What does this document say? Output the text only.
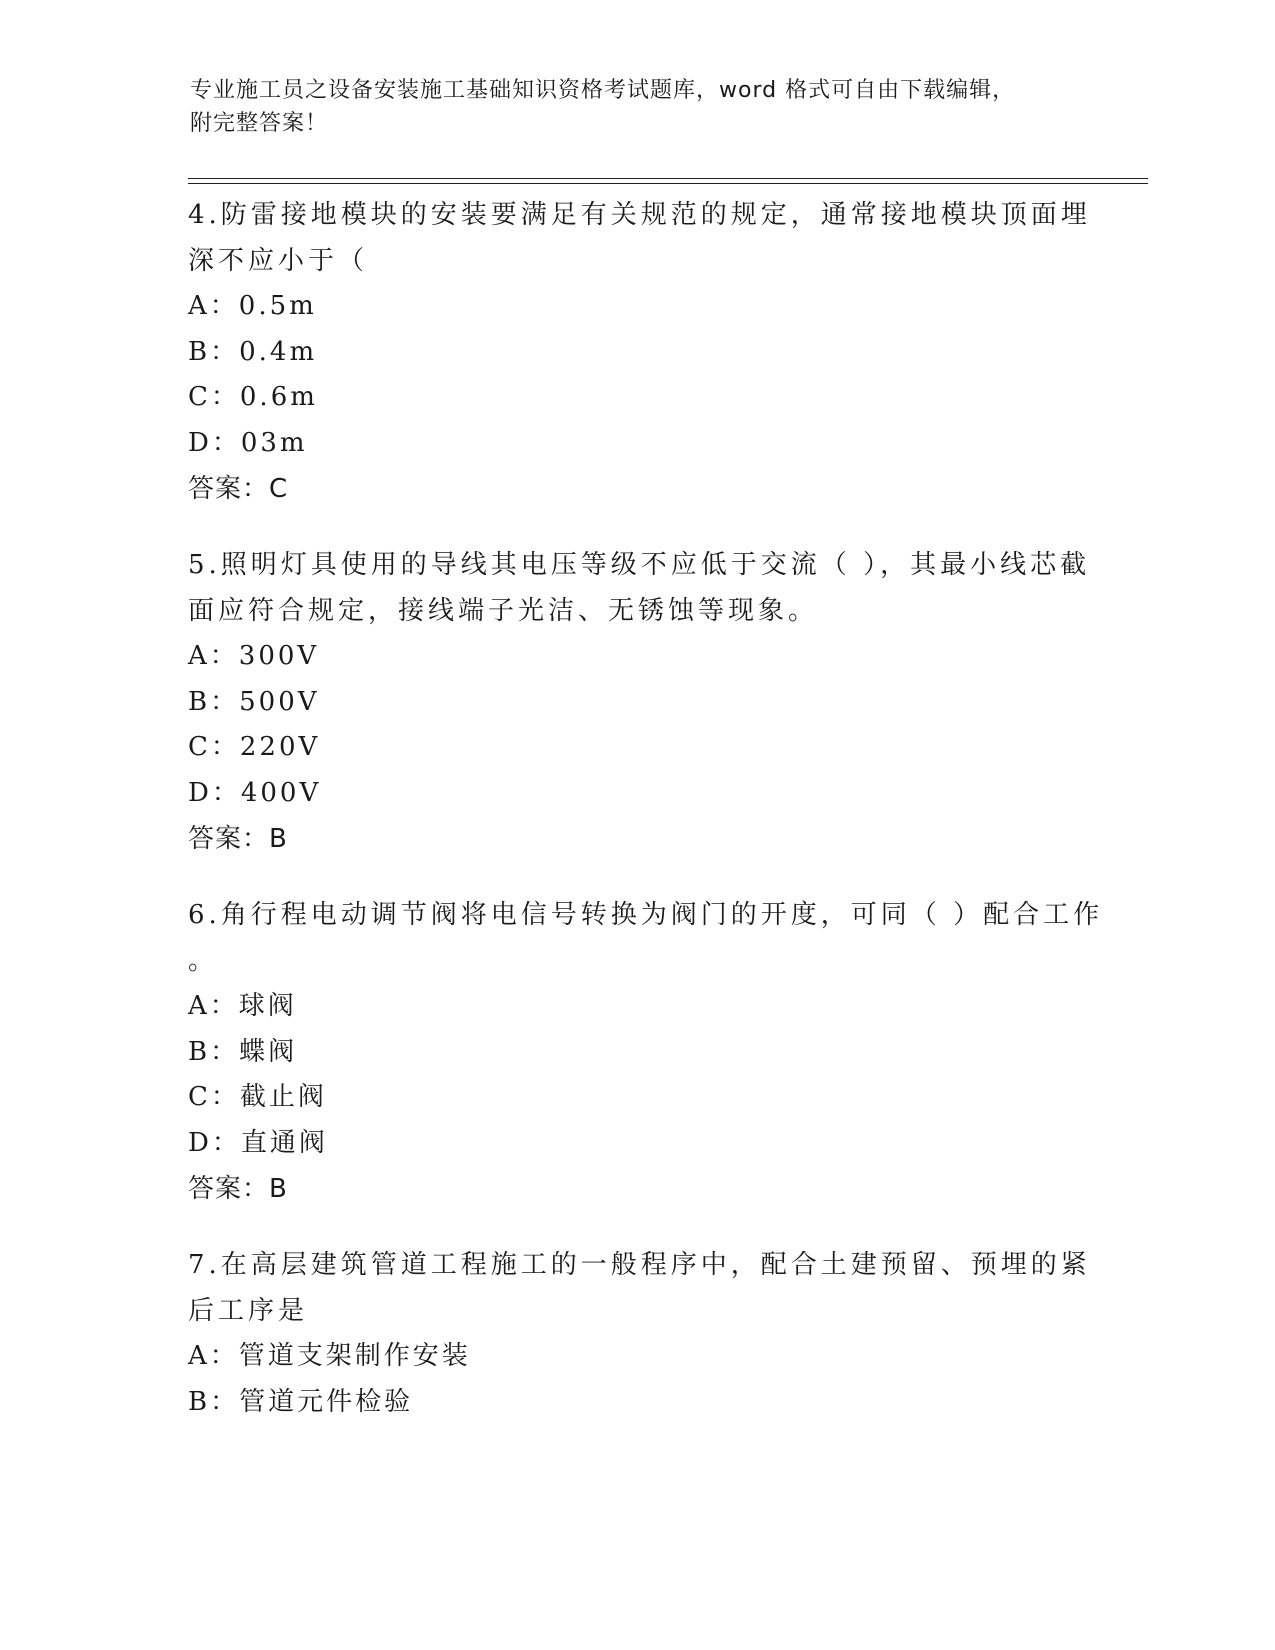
专业施工员之设备安装施工基础知识资格考试题库，word 格式可自由下载编辑，
附完整答案！

4.防雷接地模块的安装要满足有关规范的规定，通常接地模块顶面埋
深不应小于（

A：0.5m

B：0.4m

C：0.6m

D：03m

答案：C

5.照明灯具使用的导线其电压等级不应低于交流（ ），其最小线芯截
面应符合规定，接线端子光洁、无锈蚀等现象。

A：300V

B：500V

C：220V

D：400V

答案：B

6.角行程电动调节阀将电信号转换为阀门的开度，可同（ ）配合工作
。

A：球阀

B：蝶阀

C：截止阀

D：直通阀

答案：B

7.在高层建筑管道工程施工的一般程序中，配合土建预留、预埋的紧
后工序是

A：管道支架制作安装

B：管道元件检验
